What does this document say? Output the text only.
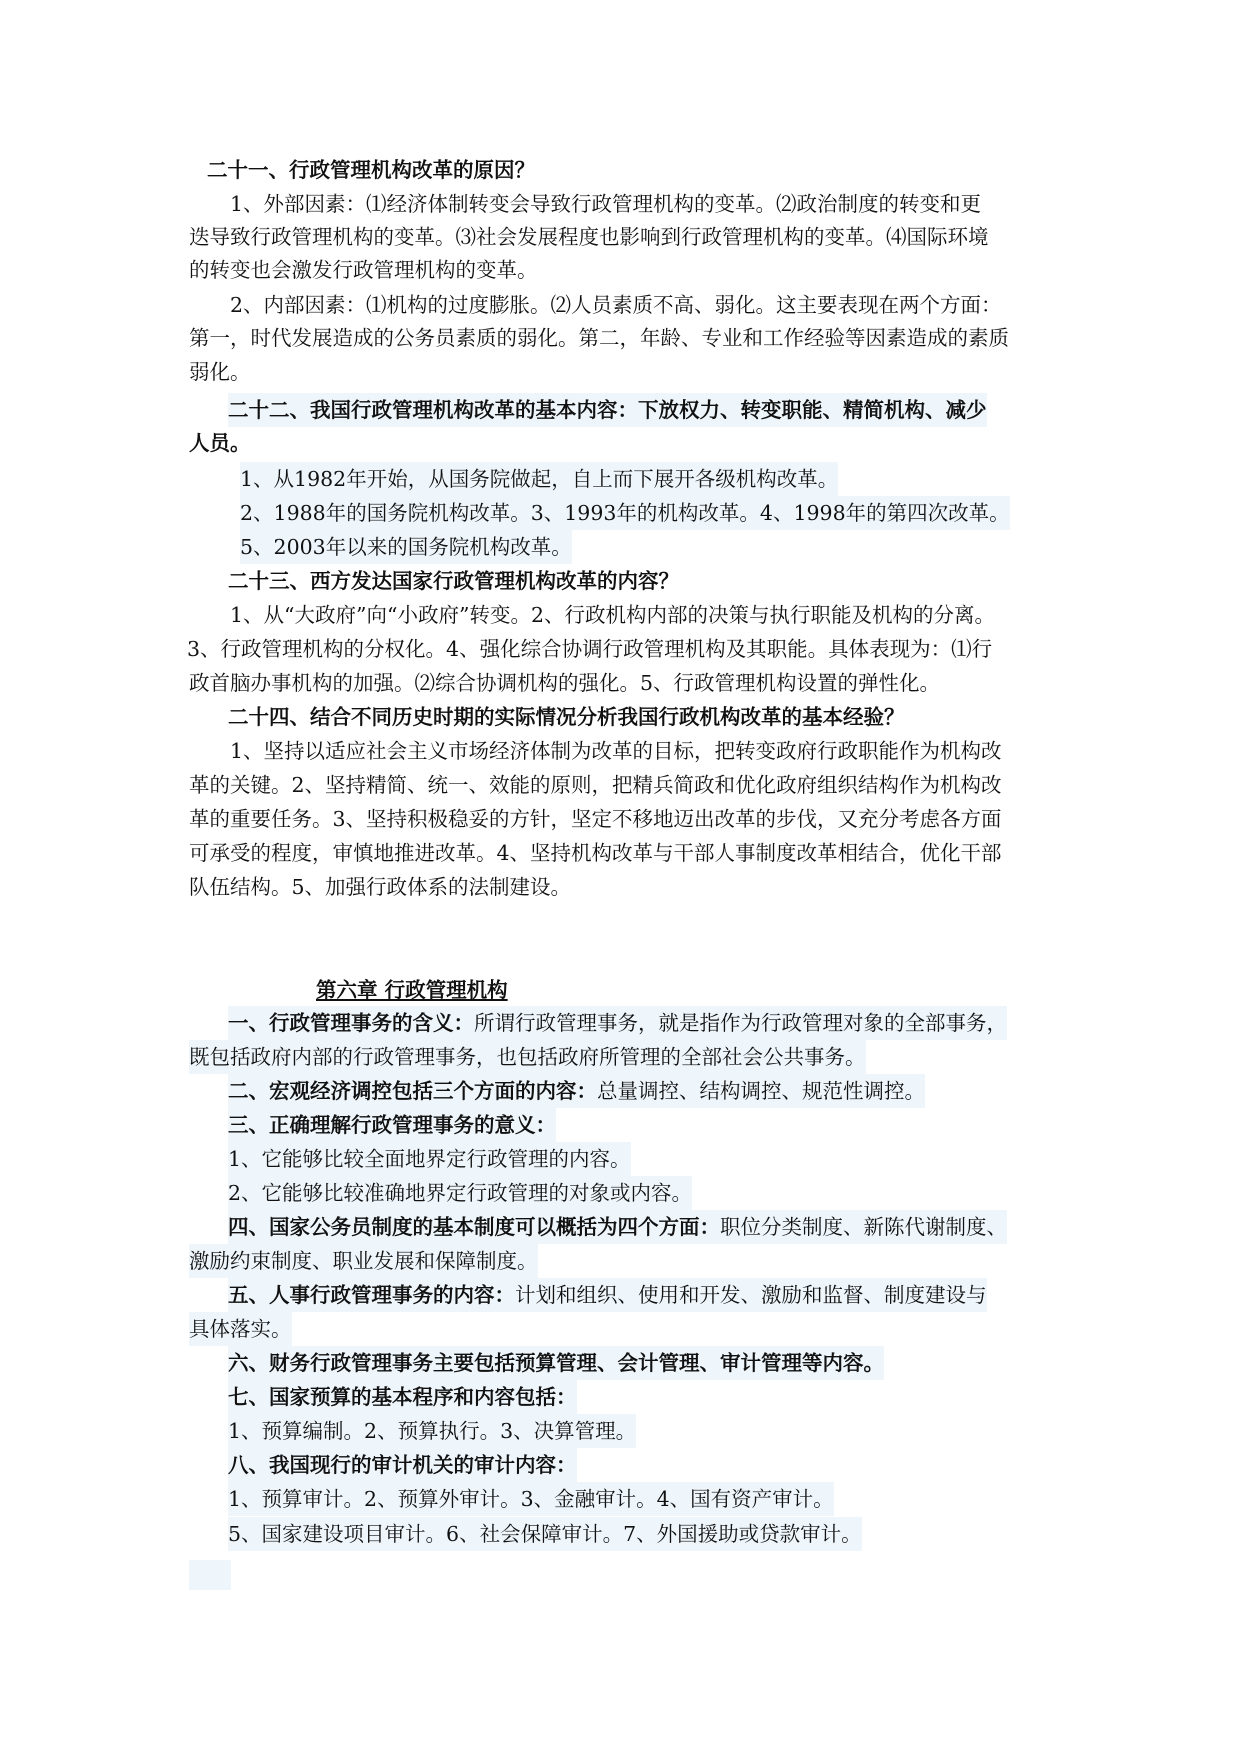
二十一、行政管理机构改革的原因？
1、外部因素：⑴经济体制转变会导致行政管理机构的变革。⑵政治制度的转变和更
迭导致行政管理机构的变革。⑶社会发展程度也影响到行政管理机构的变革。⑷国际环境
的转变也会激发行政管理机构的变革。
2、内部因素：⑴机构的过度膨胀。⑵人员素质不高、弱化。这主要表现在两个方面：
第一，时代发展造成的公务员素质的弱化。第二，年龄、专业和工作经验等因素造成的素质
弱化。
二十二、我国行政管理机构改革的基本内容：下放权力、转变职能、精简机构、减少
人员。
1、从1982年开始，从国务院做起，自上而下展开各级机构改革。
2、1988年的国务院机构改革。3、1993年的机构改革。4、1998年的第四次改革。
5、2003年以来的国务院机构改革。
二十三、西方发达国家行政管理机构改革的内容？
1、从“大政府”向“小政府”转变。2、行政机构内部的决策与执行职能及机构的分离。
3、行政管理机构的分权化。4、强化综合协调行政管理机构及其职能。具体表现为：⑴行
政首脑办事机构的加强。⑵综合协调机构的强化。5、行政管理机构设置的弹性化。
二十四、结合不同历史时期的实际情况分析我国行政机构改革的基本经验？
1、坚持以适应社会主义市场经济体制为改革的目标，把转变政府行政职能作为机构改
革的关键。2、坚持精简、统一、效能的原则，把精兵简政和优化政府组织结构作为机构改
革的重要任务。3、坚持积极稳妥的方针，坚定不移地迈出改革的步伐，又充分考虑各方面
可承受的程度，审慎地推进改革。4、坚持机构改革与干部人事制度改革相结合，优化干部
队伍结构。5、加强行政体系的法制建设。
第六章 行政管理机构
一、行政管理事务的含义：所谓行政管理事务，就是指作为行政管理对象的全部事务，
既包括政府内部的行政管理事务，也包括政府所管理的全部社会公共事务。
二、宏观经济调控包括三个方面的内容：总量调控、结构调控、规范性调控。
三、正确理解行政管理事务的意义：
1、它能够比较全面地界定行政管理的内容。
2、它能够比较准确地界定行政管理的对象或内容。
四、国家公务员制度的基本制度可以概括为四个方面：职位分类制度、新陈代谢制度、
激励约束制度、职业发展和保障制度。
五、人事行政管理事务的内容：计划和组织、使用和开发、激励和监督、制度建设与
具体落实。
六、财务行政管理事务主要包括预算管理、会计管理、审计管理等内容。
七、国家预算的基本程序和内容包括：
1、预算编制。2、预算执行。3、决算管理。
八、我国现行的审计机关的审计内容：
1、预算审计。2、预算外审计。3、金融审计。4、国有资产审计。
5、国家建设项目审计。6、社会保障审计。7、外国援助或贷款审计。
